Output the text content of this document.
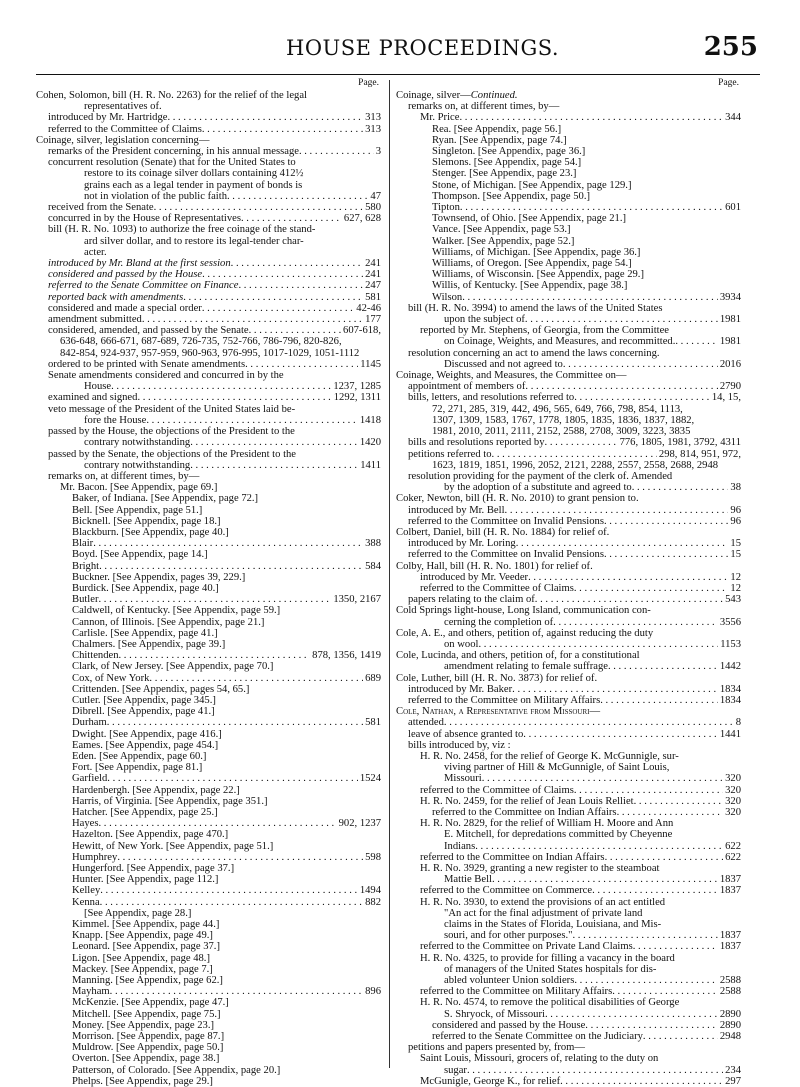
HOUSE PROCEEDINGS.	255
Page.
Cohen, Solomon, bill (H. R. No. 2263) for the relief of the legal
representatives of.
introduced by Mr. Hartridge . . .	313
referred to the Committee of Claims . . .	313
Coinage, silver, legislation concerning—
remarks of the President concerning, in his annual message . . .	3
concurrent resolution (Senate) that for the United States to
restore to its coinage silver dollars containing 412½
grains each as a legal tender in payment of bonds is
not in violation of the public faith . . .	47
received from the Senate . . .	580
concurred in by the House of Representatives . . .	627, 628
bill (H. R. No. 1093) to authorize the free coinage of the stand-
ard silver dollar, and to restore its legal-tender char-
acter.
introduced by Mr. Bland at the first session . . .	241
considered and passed by the House . . .	241
referred to the Senate Committee on Finance . . .	247
reported back with amendments . . .	581
considered and made a special order . . .	42-46
amendment submitted . . .	177
considered, amended, and passed by the Senate . . .	607-618,
636-648, 666-671, 687-689, 726-735, 752-766, 786-796, 820-826,
842-854, 924-937, 957-959, 960-963, 976-995, 1017-1029, 1051-1112
ordered to be printed with Senate amendments . . .	1145
Senate amendments considered and concurred in by the
House . . .	1237, 1285
examined and signed . . .	1292, 1311
veto message of the President of the United States laid be-
fore the House . . .	1418
passed by the House, the objections of the President to the
contrary notwithstanding . . .	1420
passed by the Senate, the objections of the President to the
contrary notwithstanding . . .	1411
remarks on, at different times, by—
Mr. Bacon. [See Appendix, page 69.]
Baker, of Indiana. [See Appendix, page 72.]
Bell. [See Appendix, page 51.]
Bicknell. [See Appendix, page 18.]
Blackburn. [See Appendix, page 40.]
Blair . . .	388
Boyd. [See Appendix, page 14.]
Bright . . .	584
Buckner. [See Appendix, pages 39, 229.]
Burdick. [See Appendix, page 40.]
Butler . . .	1350, 2167
Caldwell, of Kentucky. [See Appendix, page 59.]
Cannon, of Illinois. [See Appendix, page 21.]
Carlisle. [See Appendix, page 41.]
Chalmers. [See Appendix, page 39.]
Chittenden . . .	878, 1356, 1419
Clark, of New Jersey. [See Appendix, page 70.]
Cox, of New York . . .	689
Crittenden. [See Appendix, pages 54, 65.]
Cutler. [See Appendix, page 345.]
Dibrell. [See Appendix, page 41.]
Durham . . .	581
Dwight. [See Appendix, page 416.]
Eames. [See Appendix, page 454.]
Eden. [See Appendix, page 60.]
Fort. [See Appendix, page 81.]
Garfield . . .	1524
Hardenbergh. [See Appendix, page 22.]
Harris, of Virginia. [See Appendix, page 351.]
Hatcher. [See Appendix, page 25.]
Hayes . . .	902, 1237
Hazelton. [See Appendix, page 470.]
Hewitt, of New York. [See Appendix, page 51.]
Humphrey . . .	598
Hungerford. [See Appendix, page 37.]
Hunter. [See Appendix, page 112.]
Kelley . . .	1494
Kenna . . .	882
[See Appendix, page 28.]
Kimmel. [See Appendix, page 44.]
Knapp. [See Appendix, page 49.]
Leonard. [See Appendix, page 37.]
Ligon. [See Appendix, page 48.]
Mackey. [See Appendix, page 7.]
Manning. [See Appendix, page 62.]
Mayham . . .	896
McKenzie. [See Appendix, page 47.]
Mitchell. [See Appendix, page 75.]
Money. [See Appendix, page 23.]
Morrison. [See Appendix, page 87.]
Muldrow. [See Appendix, page 50.]
Overton. [See Appendix, page 38.]
Patterson, of Colorado. [See Appendix, page 20.]
Phelps. [See Appendix, page 29.]
Page.
Coinage, silver—Continued.
remarks on, at different times, by—
Mr. Price . . .	344
Rea. [See Appendix, page 56.]
Ryan. [See Appendix, page 74.]
Singleton. [See Appendix, page 36.]
Slemons. [See Appendix, page 54.]
Stenger. [See Appendix, page 23.]
Stone, of Michigan. [See Appendix, page 129.]
Thompson. [See Appendix, page 50.]
Tipton . . .	601
Townsend, of Ohio. [See Appendix, page 21.]
Vance. [See Appendix, page 53.]
Walker. [See Appendix, page 52.]
Williams, of Michigan. [See Appendix, page 36.]
Williams, of Oregon. [See Appendix, page 54.]
Williams, of Wisconsin. [See Appendix, page 29.]
Willis, of Kentucky. [See Appendix, page 38.]
Wilson . . .	3934
bill (H. R. No. 3994) to amend the laws of the United States
upon the subject of . . .	1981
reported by Mr. Stephens, of Georgia, from the Committee
on Coinage, Weights, and Measures, and recommitted. . . .	1981
resolution concerning an act to amend the laws concerning.
Discussed and not agreed to . . .	2016
Coinage, Weights, and Measures, the Committee on—
appointment of members of . . .	2790
bills, letters, and resolutions referred to . . .	14, 15,
72, 271, 285, 319, 442, 496, 565, 649, 766, 798, 854, 1113,
1307, 1309, 1583, 1767, 1778, 1805, 1835, 1836, 1837, 1882,
1981, 2010, 2011, 2111, 2152, 2588, 2708, 3009, 3223, 3835
bills and resolutions reported by . . .	776, 1805, 1981, 3792, 4311
petitions referred to . . .	298, 814, 951, 972,
1623, 1819, 1851, 1996, 2052, 2121, 2288, 2557, 2558, 2688, 2948
resolution providing for the payment of the clerk of. Amended
by the adoption of a substitute and agreed to . . .	38
Coker, Newton, bill (H. R. No. 2010) to grant pension to.
introduced by Mr. Bell . . .	96
referred to the Committee on Invalid Pensions . . .	96
Colbert, Daniel, bill (H. R. No. 1884) for relief of.
introduced by Mr. Loring . . .	15
referred to the Committee on Invalid Pensions . . .	15
Colby, Hall, bill (H. R. No. 1801) for relief of.
introduced by Mr. Veeder . . .	12
referred to the Committee of Claims . . .	12
papers relating to the claim of . . .	543
Cold Springs light-house, Long Island, communication con-
cerning the completion of . . .	3556
Cole, A. E., and others, petition of, against reducing the duty
on wool . . .	1153
Cole, Lucinda, and others, petition of, for a constitutional
amendment relating to female suffrage . . .	1442
Cole, Luther, bill (H. R. No. 3873) for relief of.
introduced by Mr. Baker . . .	1834
referred to the Committee on Military Affairs . . .	1834
Cole, Nathan, a Representative from Missouri—
attended . . .	8
leave of absence granted to . . .	1441
bills introduced by, viz :
H. R. No. 2458, for the relief of George K. McGunnigle, sur-
viving partner of Hill & McGunnigle, of Saint Louis,
Missouri . . .	320
referred to the Committee of Claims . . .	320
H. R. No. 2459, for the relief of Jean Louis Relliet . . .	320
referred to the Committee on Indian Affairs . . .	320
H. R. No. 2829, for the relief of William H. Moore and Ann
E. Mitchell, for depredations committed by Cheyenne
Indians . . .	622
referred to the Committee on Indian Affairs . . .	622
H. R. No. 3929, granting a new register to the steamboat
Mattie Bell . . .	1837
referred to the Committee on Commerce . . .	1837
H. R. No. 3930, to extend the provisions of an act entitled
"An act for the final adjustment of private land
claims in the States of Florida, Louisiana, and Mis-
souri, and for other purposes." . . .	1837
referred to the Committee on Private Land Claims . . .	1837
H. R. No. 4325, to provide for filling a vacancy in the board
of managers of the United States hospitals for dis-
abled volunteer Union soldiers . . .	2588
referred to the Committee on Military Affairs . . .	2588
H. R. No. 4574, to remove the political disabilities of George
S. Shryock, of Missouri . . .	2890
considered and passed by the House . . .	2890
referred to the Senate Committee on the Judiciary . . .	2948
petitions and papers presented by, from—
Saint Louis, Missouri, grocers of, relating to the duty on
sugar . . .	234
McGunigle, George K., for relief . . .	297
